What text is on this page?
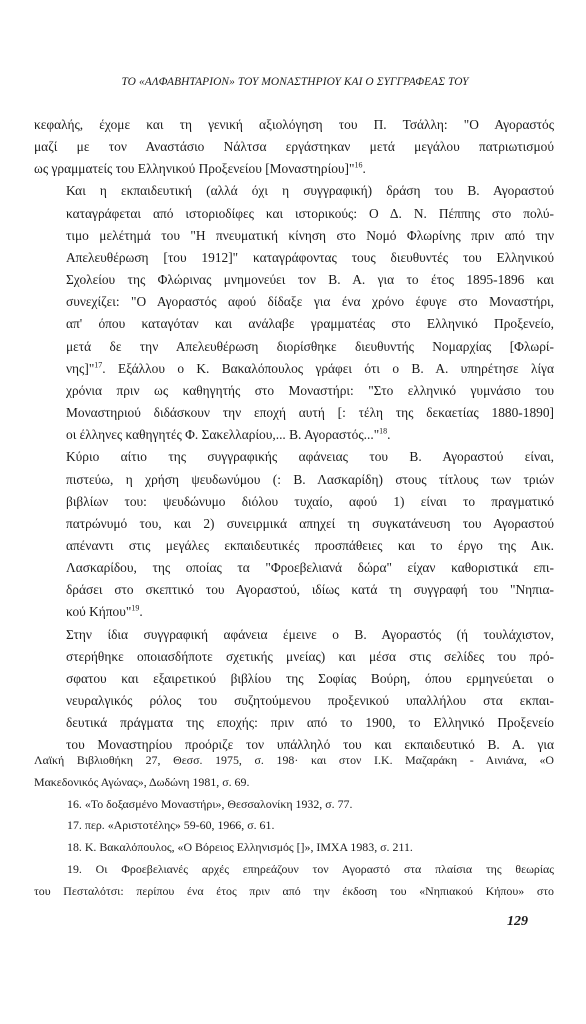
ΤΟ «ΑΛΦΑΒΗΤΑΡΙΟΝ» ΤΟΥ ΜΟΝΑΣΤΗΡΙΟΥ ΚΑΙ Ο ΣΥΓΓΡΑΦΕΑΣ ΤΟΥ

κεφαλής, έχομε και τη γενική αξιολόγηση του Π. Τσάλλη: "Ο Αγοραστός
μαζί με τον Αναστάσιο Νάλτσα εργάστηκαν μετά μεγάλου πατριωτισμού
ως γραμματείς του Ελληνικού Προξενείου [Μοναστηρίου]"$^{16}$.

Και η εκπαιδευτική (αλλά όχι η συγγραφική) δράση του Β. Αγοραστού
καταγράφεται από ιστοριοδίφες και ιστορικούς: Ο Δ. Ν. Πέππης στο πολύ-
τιμο μελέτημά του "Η πνευματική κίνηση στο Νομό Φλωρίνης πριν από την
Απελευθέρωση [του 1912]" καταγράφοντας τους διευθυντές του Ελληνικού
Σχολείου της Φλώρινας μνημονεύει τον Β. Α. για το έτος 1895-1896 και
συνεχίζει: "Ο Αγοραστός αφού δίδαξε για ένα χρόνο έφυγε στο Μοναστήρι,
απ' όπου καταγόταν και ανάλαβε γραμματέας στο Ελληνικό Προξενείο,
μετά δε την Απελευθέρωση διορίσθηκε διευθυντής Νομαρχίας [Φλωρί-
νης]"$^{17}$. Εξάλλου ο Κ. Βακαλόπουλος γράφει ότι ο Β. Α. υπηρέτησε λίγα
χρόνια πριν ως καθηγητής στο Μοναστήρι: "Στο ελληνικό γυμνάσιο του
Μοναστηριού διδάσκουν την εποχή αυτή [: τέλη της δεκαετίας 1880-1890]
οι έλληνες καθηγητές Φ. Σακελλαρίου,... Β. Αγοραστός..."$^{18}$.

Κύριο αίτιο της συγγραφικής αφάνειας του Β. Αγοραστού είναι,
πιστεύω, η χρήση ψευδωνύμου (: Β. Λασκαρίδη) στους τίτλους των τριών
βιβλίων του: ψευδώνυμο διόλου τυχαίο, αφού 1) είναι το πραγματικό
πατρώνυμό του, και 2) συνειρμικά απηχεί τη συγκατάνευση του Αγοραστού
απέναντι στις μεγάλες εκπαιδευτικές προσπάθειες και το έργο της Αικ.
Λασκαρίδου, της οποίας τα "Φροεβελιανά δώρα" είχαν καθοριστικά επι-
δράσει στο σκεπτικό του Αγοραστού, ιδίως κατά τη συγγραφή του "Νηπια-
κού Κήπου"$^{19}$.

Στην ίδια συγγραφική αφάνεια έμεινε ο Β. Αγοραστός (ή τουλάχιστον,
στερήθηκε οποιασδήποτε σχετικής μνείας) και μέσα στις σελίδες του πρό-
σφατου και εξαιρετικού βιβλίου της Σοφίας Βούρη, όπου ερμηνεύεται ο
νευραλγικός ρόλος του συζητούμενου προξενικού υπαλλήλου στα εκπαι-
δευτικά πράγματα της εποχής: πριν από το 1900, το Ελληνικό Προξενείο
του Μοναστηρίου προόριζε τον υπάλληλό του και εκπαιδευτικό Β. Α. για

Λαϊκή Βιβλιοθήκη 27, Θεσσ. 1975, σ. 198· και στον Ι.Κ. Μαζαράκη - Αινιάνα, «Ο
Μακεδονικός Αγώνας», Δωδώνη 1981, σ. 69.
16. «Το δοξασμένο Μοναστήρι», Θεσσαλονίκη 1932, σ. 77.
17. περ. «Αριστοτέλης» 59-60, 1966, σ. 61.
18. Κ. Βακαλόπουλος, «Ο Βόρειος Ελληνισμός []», ΙΜΧΑ 1983, σ. 211.
19. Οι Φροεβελιανές αρχές επηρεάζουν τον Αγοραστό στα πλαίσια της θεωρίας
του Πεσταλότσι: περίπου ένα έτος πριν από την έκδοση του «Νηπιακού Κήπου» στο
129
